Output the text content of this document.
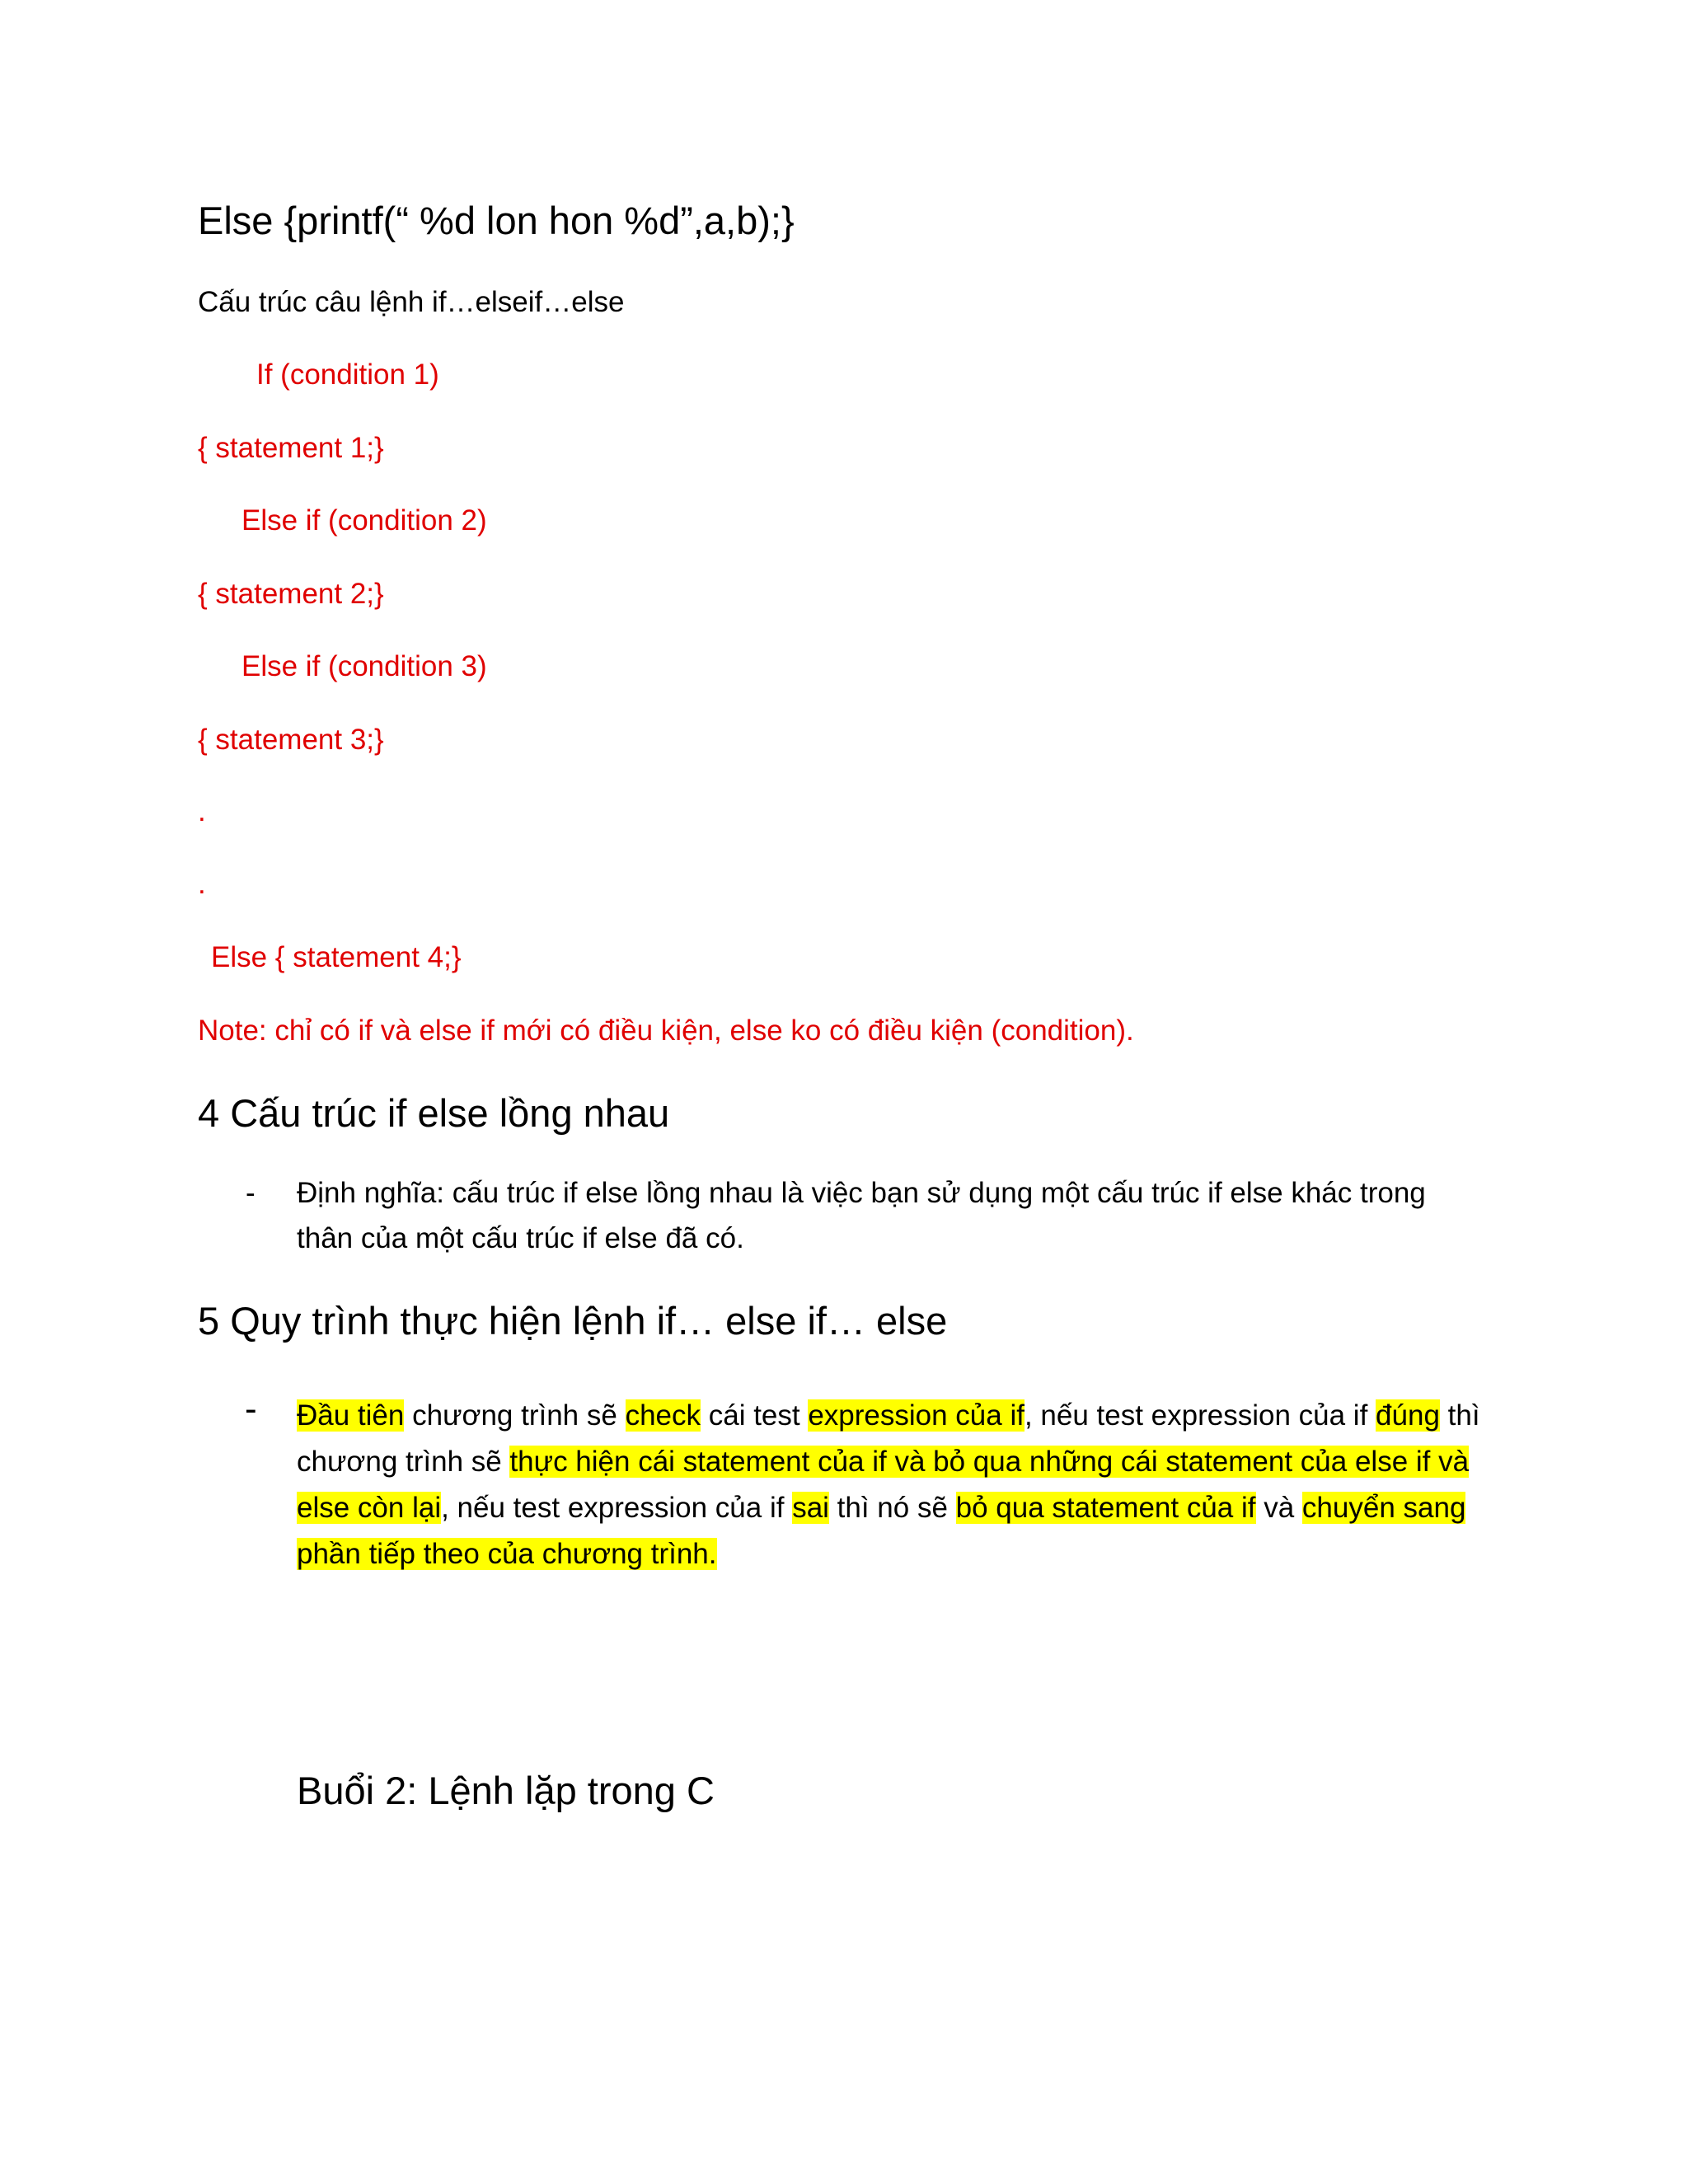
Else {printf(“ %d lon hon %d”,a,b);}
Cấu trúc câu lệnh if…elseif…else
If (condition 1)
{ statement 1;}
Else if (condition 2)
{ statement 2;}
Else if (condition 3)
{ statement 3;}
.
.
Else { statement 4;}
Note: chỉ có if và else if mới có điều kiện, else ko có điều kiện (condition).
4 Cấu trúc if else lồng nhau
- Định nghĩa: cấu trúc if else lồng nhau là việc bạn sử dụng một cấu trúc if else khác trong
thân của một cấu trúc if else đã có.
5 Quy trình thực hiện lệnh if… else if… else
- Đầu tiên chương trình sẽ check cái test expression của if, nếu test expression của if đúng thì chương trình sẽ thực hiện cái statement của if và bỏ qua những cái statement của else if và else còn lại, nếu test expression của if sai thì nó sẽ bỏ qua statement của if và chuyển sang phần tiếp theo của chương trình.
Buổi 2: Lệnh lặp trong C
